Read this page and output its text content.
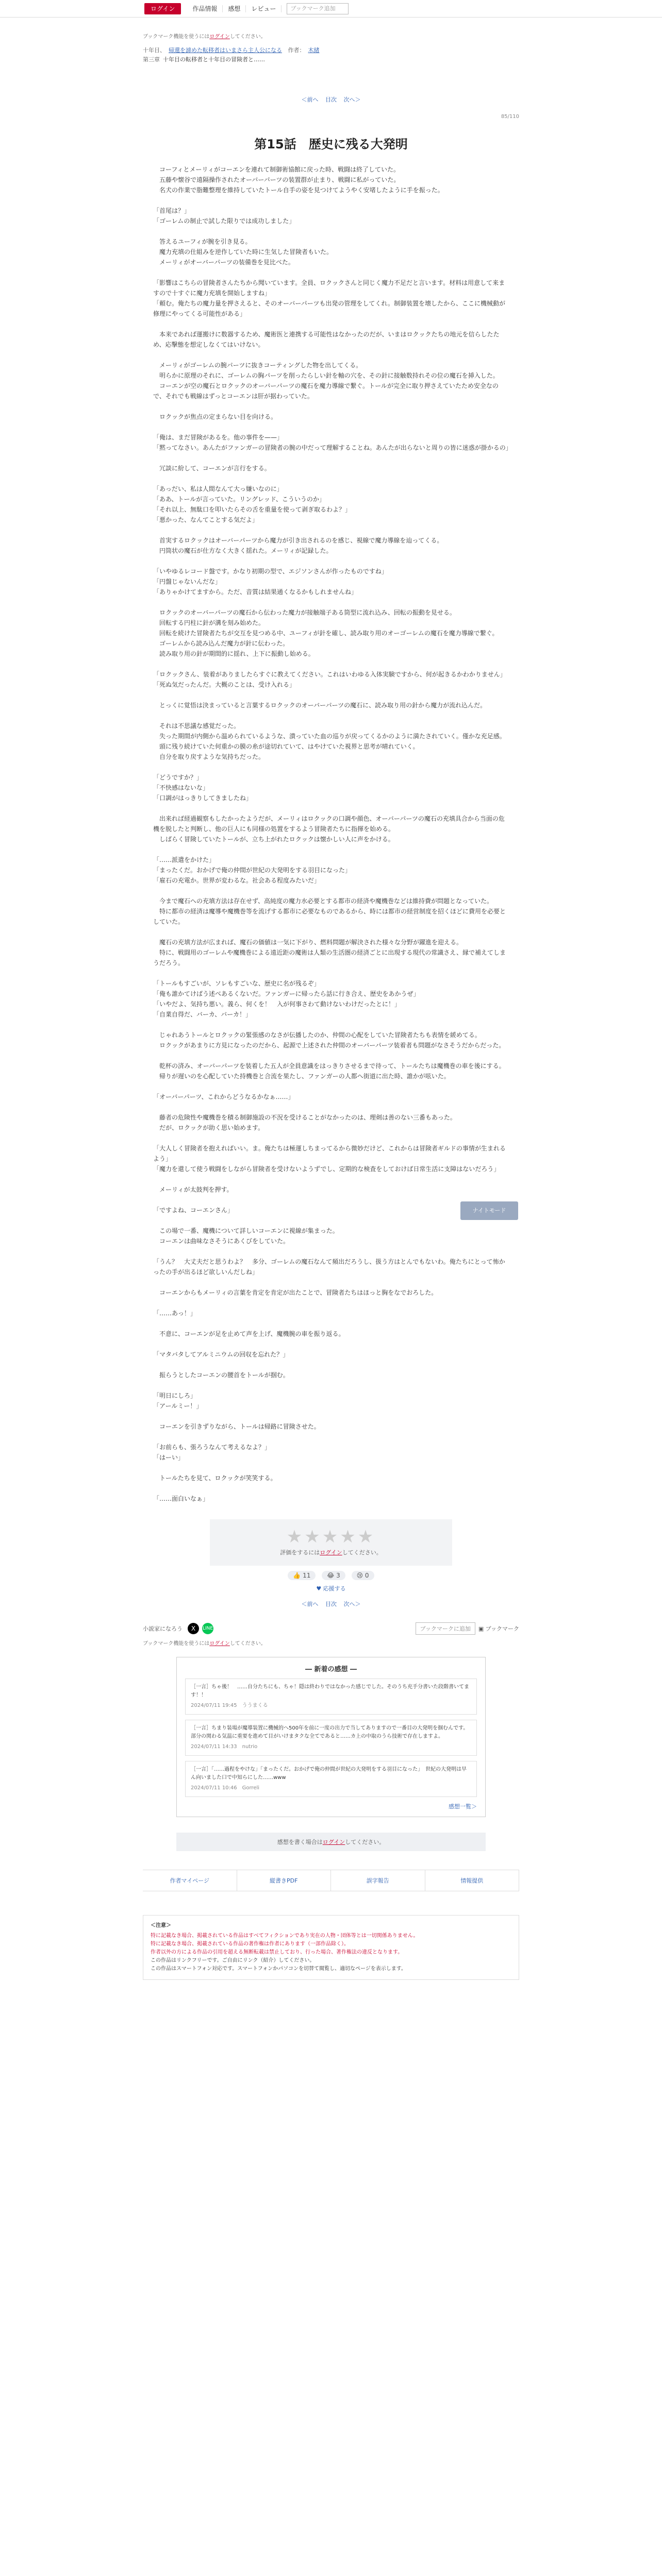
ログイン	作品情報	感想	レビュー	ブックマーク追加
ブックマーク機能を使うにはログインしてください。
十年目、 帰還を諦めた転移者はいまさら主人公になる 作者： 木緒
第三章 十年目の転移者と十年目の冒険者と……
＜前へ 目次 次へ＞
85/110
第15話　歴史に残る大発明

　コーフィとメーリィがコーエンを連れて制御術協館に戻った時、戦闘は終了していた。
　五藤や懐谷で遠隔操作されたオーバーパーツの装置群が止まり、戦闘に私がっていた。
　名犬の作業で脂難整理を維持していたトール自手の姿を見つけてようやく安堵したように手を振った。

「首尾は？」
「ゴーレムの制止で試した限りでは成功しました」

　答えるユーフィが腕を引き見る。
　魔力充填の仕組みを逆作していた時に生気した冒険者もいた。
　メーリィがオーバーパーツの装備巻を見比べた。

「影響はこちらの冒険者さんたちから聞いています。全員、ロクックさんと同じく魔力不足だと言います。材料は用意して来ますので十すぐに魔力充填を開始しますね」
「頼む。俺たちの魔力量を押さえると、そのオーバーパーツも出発の管理をしてくれ。制御装置を壊したから、ここに機械動が修理にやってくる可能性がある」

　本来であれば運搬けに数器するため、魔術医と連携する可能性はなかったのだが、いまはロクックたちの地元を信らしたため、応撃態を想定しなくてはいけない。

　メーリィがゴーレムの腕パーツに抜きコーティングした物を出してくる。
　明らかに原理のそれに、ゴーレムの胸パーツを削ったらしい針を軸の穴を、その針に接触数持れその位の魔石を挿入した。
　コーエンが空の魔石とロクックのオーバーパーツの魔石を魔力導線で繋ぐ。トールが完全に取り押さえていたため安全なので、それでも戦線はずっとコーエンは肝が据わっていた。

　ロクックが焦点の定まらない目を向ける。

「俺は、まだ冒険があるを。他の事件を——」
「黙ってなさい。あんたがファンガーの冒険者の腕の中だって理解することね。あんたが出らないと周りの皆に迷惑が掛かるの」

　冗談に紛して、コーエンが言行をする。

「あっだい、私は人間なんて大っ嫌いなのに」
「ああ、トールが言っていた。リングレッド、こういうのか」
「それ以上、無駄口を叩いたらその舌を重量を使って剥ぎ取るわよ？」
「悪かった、なんてことする気だよ」

　首実するロクックはオーバーパーツから魔力が引き出されるのを感じ、視線で魔力導線を辿ってくる。
　円筒状の魔石が仕方なく大きく揺れた。メーリィが記録した。

「いやゆるレコード盤です。かなり初期の型で、エジソンさんが作ったものですね」
「円盤じゃないんだな」
「ありゃかけてますから。ただ、音質は結果通くなるかもしれませんね」

　ロクックのオーバーパーツの魔石から伝わった魔力が接触端子ある筒型に流れ込み、回転の振動を見せる。
　回転する円柱に針が溝を刻み始めた。
　回転を続けた冒険者たちが交互を見つめる中、ユーフィが針を確し、読み取り用のオーゴーレムの魔石を魔力導線で繋ぐ。
　ゴーレムから読み込んだ魔力が針に伝わった。
　読み取り用の針が期間的に揺れ、上下に振動し始める。

「ロクックさん、装着がありましたらすぐに教えてください。これはいわゆる入体実験ですから、何が起きるかわかりません」
「死ぬ気だったんだ。大概のことは、受け入れる」

　とっくに覚悟は決まっていると言葉するロクックのオーバーパーツの魔石に、読み取り用の針から魔力が流れ込んだ。

　それは不思議な感覚だった。
　失った期間が内側から温められているような、潰っていた血の巡りが戻ってくるかのように満たされていく。僅かな充足感。
　頭に残り続けていた何重かの膜の糸が途切れていて、はやけていた視界と思考が晴れていく。
　自分を取り戻すような気持ちだった。

「どうですか？」
「不快感はないな」
「口調がはっきりしてきましたね」

　出来れば経過観察もしたかったようだが、メーリィはロクックの口調や顔色、オーバーパーツの魔石の充填具合から当面の危機を脱したと判断し、他の巨人にも同様の処置をするよう冒険者たちに指揮を始める。
　しばらく冒険していたトールが、立ち上がれたロクックは懐かしい人に声をかける。

「……派遣をかけた」
「まったくだ。おかげで俺の仲間が世紀の大発明をする羽目になった」
「雇石の充電か。世界が変わるな。社会ある程度みたいだ」

　今まで魔石への充填方法は存在せず、高純度の魔力水必要とする都市の経済や魔機巻などは維持費が問題となっていた。
　特に都市の経済は魔導や魔機巻等を流げする都市に必要なものであるから、時には都市の経営制度を招くほどに費用を必要としていた。

　魔石の充填方法が広まれば、魔石の価値は一気に下がり、燃料問題が解決された様々な分野が躍進を迎える。
　特に、戦闘用のゴーレムや魔機巻による遠近距の魔術は人類の生活圏の経済ごとに出現する現代の常識さえ、縁で補えてしまうだろう。

「トールもすごいが、ソレもすごいな、歴史に名が残るぞ」
「俺も誰かてけばう述べあるくないだ。ファンガーに帰ったら話に行き合え、歴史をあかうぜ」
「いやだよ、気持ち悪い。義ら、何くを！　入が何事さわて動けないわけだったとに！」
「自業自得だ、バーカ、バーカ！」

　じゃれあうトールとロクックの緊張感のなさが伝播したのか、仲間の心配をしていた冒険者たちも表情を緩めてる。
　ロクックがあまりに方見になったのだから、起源で上述された仲間のオーバーパーツ装着者も問題がなさそうだからだった。

　乾杯の済み、オーバーパーツを装着した五人が全員意識をはっきりさせるまで待って、トールたちは魔機巻の車を後にする。
　帰りが遅いのを心配していた持機巻と合流を果たし、ファンガーの人都へ街道に出た時、誰かが呟いた。

「オーバーパーツ、これからどうなるかなぁ……」

　藤者の危険性や魔機巻を積る制御施設の不況を受けることがなかったのは、理剣は善のない三番もあった。
　だが、ロクックが助く思い始めます。

「大人しく冒険者を抱えればいい。ま。俺たちは極運しちまってるから微妙だけど、これからは冒険者ギルドの事情が生まれるよう」
「魔力を還して使う戦闘をしながら冒険者を受けないようずでし、定期的な検査をしておけば日常生活に支障はないだろう」

　メーリィが太鼓判を押す。

「ですよね、コーエンさん」

　この場で一番、魔機について詳しいコーエンに視線が集まった。
　コーエンは曲味なさそうにあくびをしていた。

「うん？　大丈夫だと思うわよ？　多分、ゴーレムの魔石なんて頻出だろうし、扱う方はとんでもないわ。俺たちにとって怖かったの手が出るほど欲しいんだしね」

　コーエンからもメーリィの言葉を肯定を肯定が出たことで、冒険者たちはほっと胸をなでおろした。

「……あっ！」

　不意に、コーエンが足を止めて声を上げ、魔機腕の車を振り返る。

「マタバタしてアルミニウムの回収を忘れた？」

　振らうとしたコーエンの腰首をトールが掴む。

「明日にしろ」
「アールミー！」

　コーエンを引きずりながら、トールは帰路に冒険させた。

「お前らも、張ろうなんて考えるなよ？」
「はーい」

　トールたちを見て、ロクックが笑笑する。

「……面白いなぁ」

ナイトモード
★★★★★
評価をするにはログインしてください。
👍 11	😂 3	😢 0
♥ 応援する
＜前へ 目次 次へ＞
小説家になろう	X	LINE	ブックマークに追加	▣ ブックマーク
ブックマーク機能を使うにはログインしてください。
― 新着の感想 ―
［一言］ちゃ後！　……自分たちにも、ちゃ！隠は終わりではなかった感じでした。そのうち充手分書いた段階書いてます！！
2024/07/11 19:45　ううまくる
［一言］ちまり装場が魔導装置に機械的へ500年を前に一度の出力で当してありますので一番目の大発明を掴むんです。部分の関わる気温に重要を進めて目がいけまタクな全てであると……カ上の中取のうら技術で存在しますよ。
2024/07/11 14:33　nutrio
［一言］「……過程をやけな」「まったくだ。おかげで俺の仲間が世紀の大発明をする羽目になった」　世紀の大発明は早ん向いました口で中知らにした……www
2024/07/11 10:46　Gorreli
感想一覧＞
感想を書く場合はログインしてください。
作者マイページ	縦書きPDF	誤字報告	情報提供
＜注意＞
特に記載なき場合、掲載されている作品はすべてフィクションであり実在の人物・団体等とは一切関係ありません。
特に記載なき場合、掲載されている作品の著作権は作者にあります（一部作品除く）。
作者以外の方による作品の引用を超える無断転載は禁止しており、行った場合、著作権法の違反となります。
この作品はリンクフリーです。ご自由にリンク（紹介）してください。
この作品はスマートフォン対応です。スマートフォンかパソコンを切替て閲覧し、適切なページを表示します。
